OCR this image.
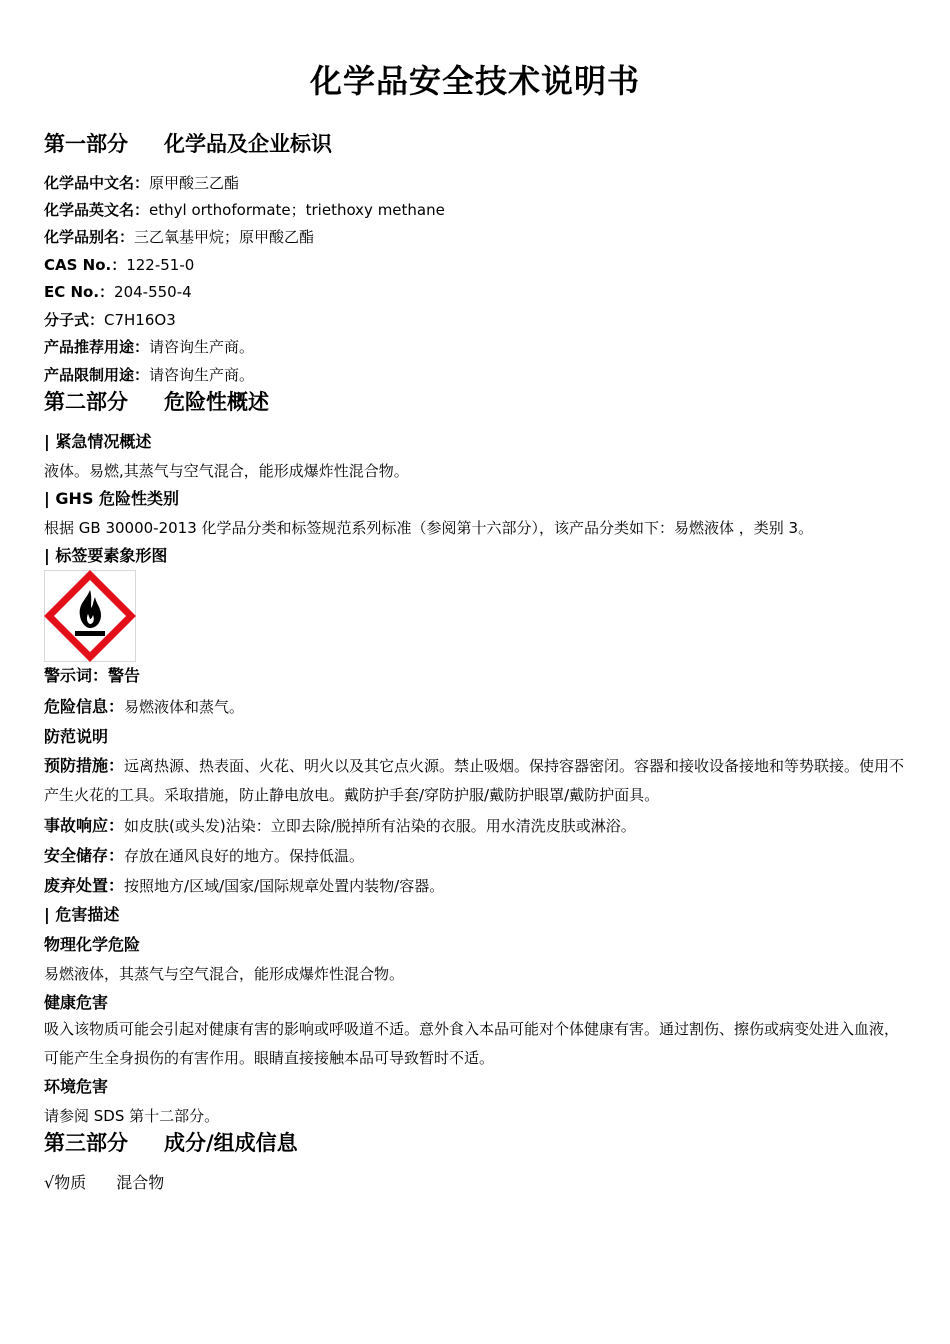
化学品安全技术说明书
第一部分 化学品及企业标识
化学品中文名：原甲酸三乙酯
化学品英文名：ethyl orthoformate；triethoxy methane
化学品别名：三乙氧基甲烷；原甲酸乙酯
CAS No.：122-51-0
EC No.：204-550-4
分子式：C7H16O3
产品推荐用途：请咨询生产商。
产品限制用途：请咨询生产商。
第二部分 危险性概述
| 紧急情况概述
液体。易燃,其蒸气与空气混合，能形成爆炸性混合物。
| GHS 危险性类别
根据 GB 30000-2013 化学品分类和标签规范系列标准（参阅第十六部分），该产品分类如下：易燃液体 ，类别 3。
| 标签要素象形图
警示词：警告
危险信息：易燃液体和蒸气。
防范说明
预防措施：远离热源、热表面、火花、明火以及其它点火源。禁止吸烟。保持容器密闭。容器和接收设备接地和等势联接。使用不产生火花的工具。采取措施，防止静电放电。戴防护手套/穿防护服/戴防护眼罩/戴防护面具。
事故响应：如皮肤(或头发)沾染：立即去除/脱掉所有沾染的衣服。用水清洗皮肤或淋浴。
安全储存：存放在通风良好的地方。保持低温。
废弃处置：按照地方/区域/国家/国际规章处置内装物/容器。
| 危害描述
物理化学危险
易燃液体，其蒸气与空气混合，能形成爆炸性混合物。
健康危害
吸入该物质可能会引起对健康有害的影响或呼吸道不适。意外食入本品可能对个体健康有害。通过割伤、擦伤或病变处进入血液，可能产生全身损伤的有害作用。眼睛直接接触本品可导致暂时不适。
环境危害
请参阅 SDS 第十二部分。
第三部分 成分/组成信息
√物质 混合物
